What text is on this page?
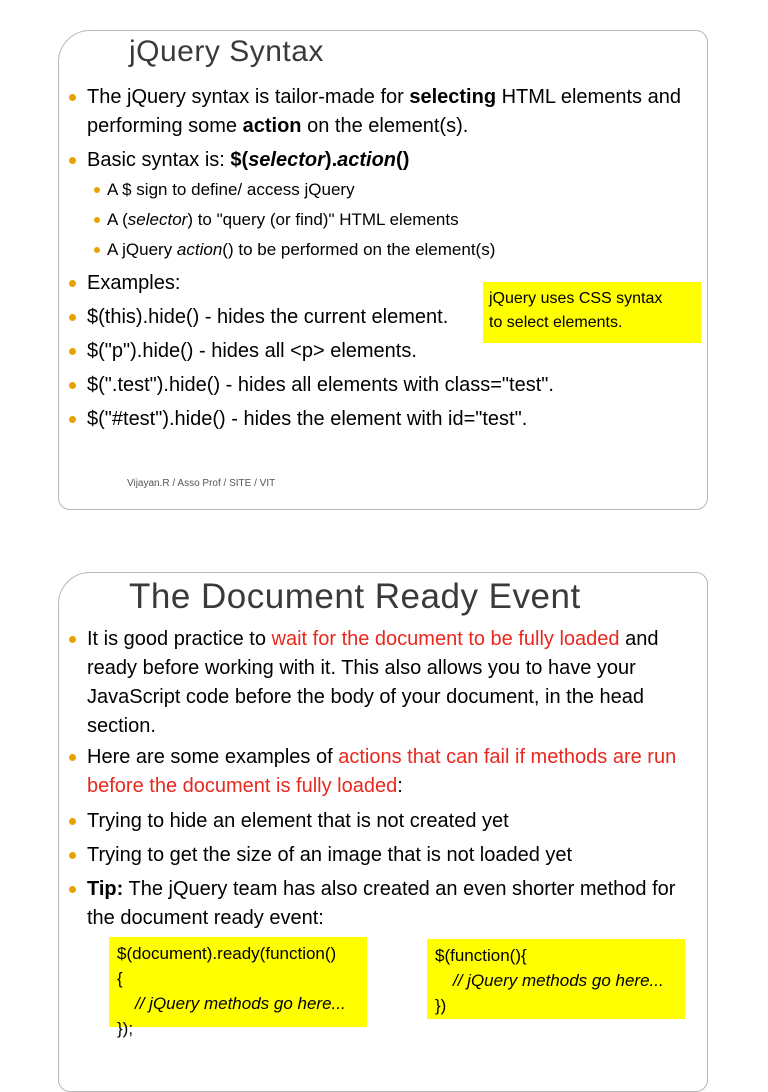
jQuery Syntax
The jQuery syntax is tailor-made for selecting HTML elements and
performing some action on the element(s).
Basic syntax is: $(selector).action()
A $ sign to define/ access jQuery
A (selector) to "query (or find)" HTML elements
A jQuery action() to be performed on the element(s)
Examples:
$(this).hide() - hides the current element.
$("p").hide() - hides all <p> elements.
$(".test").hide() - hides all elements with class="test".
$("#test").hide() - hides the element with id="test".
jQuery uses CSS syntax
to select elements.
Vijayan.R / Asso Prof / SITE / VIT
The Document Ready Event
It is good practice to wait for the document to be fully loaded and
ready before working with it. This also allows you to have your
JavaScript code before the body of your document, in the head
section.
Here are some examples of actions that can fail if methods are run
before the document is fully loaded:
Trying to hide an element that is not created yet
Trying to get the size of an image that is not loaded yet
Tip: The jQuery team has also created an even shorter method for
the document ready event:
$(document).ready(function()
{
// jQuery methods go here...
});
$(function(){
// jQuery methods go here...
})
